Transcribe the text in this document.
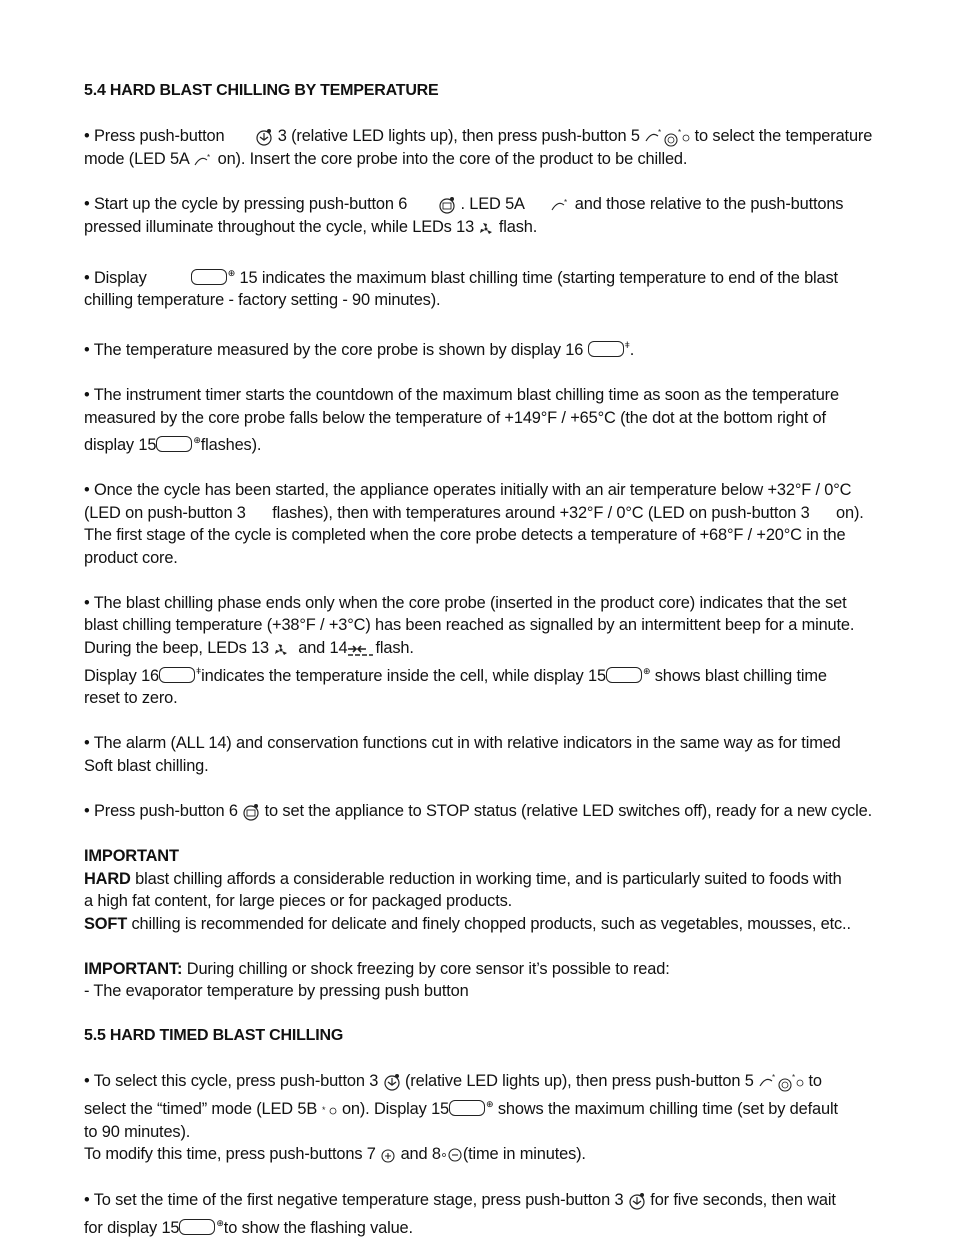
5.4 HARD BLAST CHILLING BY TEMPERATURE

• Press push-button	3 (relative LED lights up), then press push-button 5 * * to select the temperature
mode (LED 5A * on). Insert the core probe into the core of the product to be chilled.

• Start up the cycle by pressing push-button 6	. LED 5A	* and those relative to the push-buttons
pressed illuminate throughout the cycle, while LEDs 13 flash.

• Display	⊕ 15 indicates the maximum blast chilling time (starting temperature to end of the blast
chilling temperature - factory setting - 90 minutes).

• The temperature measured by the core probe is shown by display 16	$^ǂ$.

• The instrument timer starts the countdown of the maximum blast chilling time as soon as the temperature
measured by the core probe falls below the temperature of +149°F / +65°C (the dot at the bottom right of
display 15	⊕flashes).

• Once the cycle has been started, the appliance operates initially with an air temperature below +32°F / 0°C
(LED on push-button 3      flashes), then with temperatures around +32°F / 0°C (LED on push-button 3      on).
The first stage of the cycle is completed when the core probe detects a temperature of +68°F / +20°C in the
product core.

• The blast chilling phase ends only when the core probe (inserted in the product core) indicates that the set
blast chilling temperature (+38°F / +3°C) has been reached as signalled by an intermittent beep for a minute.
During the beep, LEDs 13 and 14 flash.
Display 16	$^ǂ$indicates the temperature inside the cell, while display 15	⊕ shows blast chilling time
reset to zero.

• The alarm (ALL 14) and conservation functions cut in with relative indicators in the same way as for timed
Soft blast chilling.

• Press push-button 6 to set the appliance to STOP status (relative LED switches off), ready for a new cycle.

IMPORTANT
HARD blast chilling affords a considerable reduction in working time, and is particularly suited to foods with
a high fat content, for large pieces or for packaged products.
SOFT chilling is recommended for delicate and finely chopped products, such as vegetables, mousses, etc..

IMPORTANT: During chilling or shock freezing by core sensor it’s possible to read:
- The evaporator temperature by pressing push button

5.5 HARD TIMED BLAST CHILLING

• To select this cycle, press push-button 3 (relative LED lights up), then press push-button 5 * * to
select the “timed” mode (LED 5B * on). Display 15	⊕ shows the maximum chilling time (set by default
to 90 minutes).

To modify this time, press push-buttons 7 and 8 (time in minutes).

• To set the time of the first negative temperature stage, press push-button 3 for five seconds, then wait
for display 15	⊕to show the flashing value.
